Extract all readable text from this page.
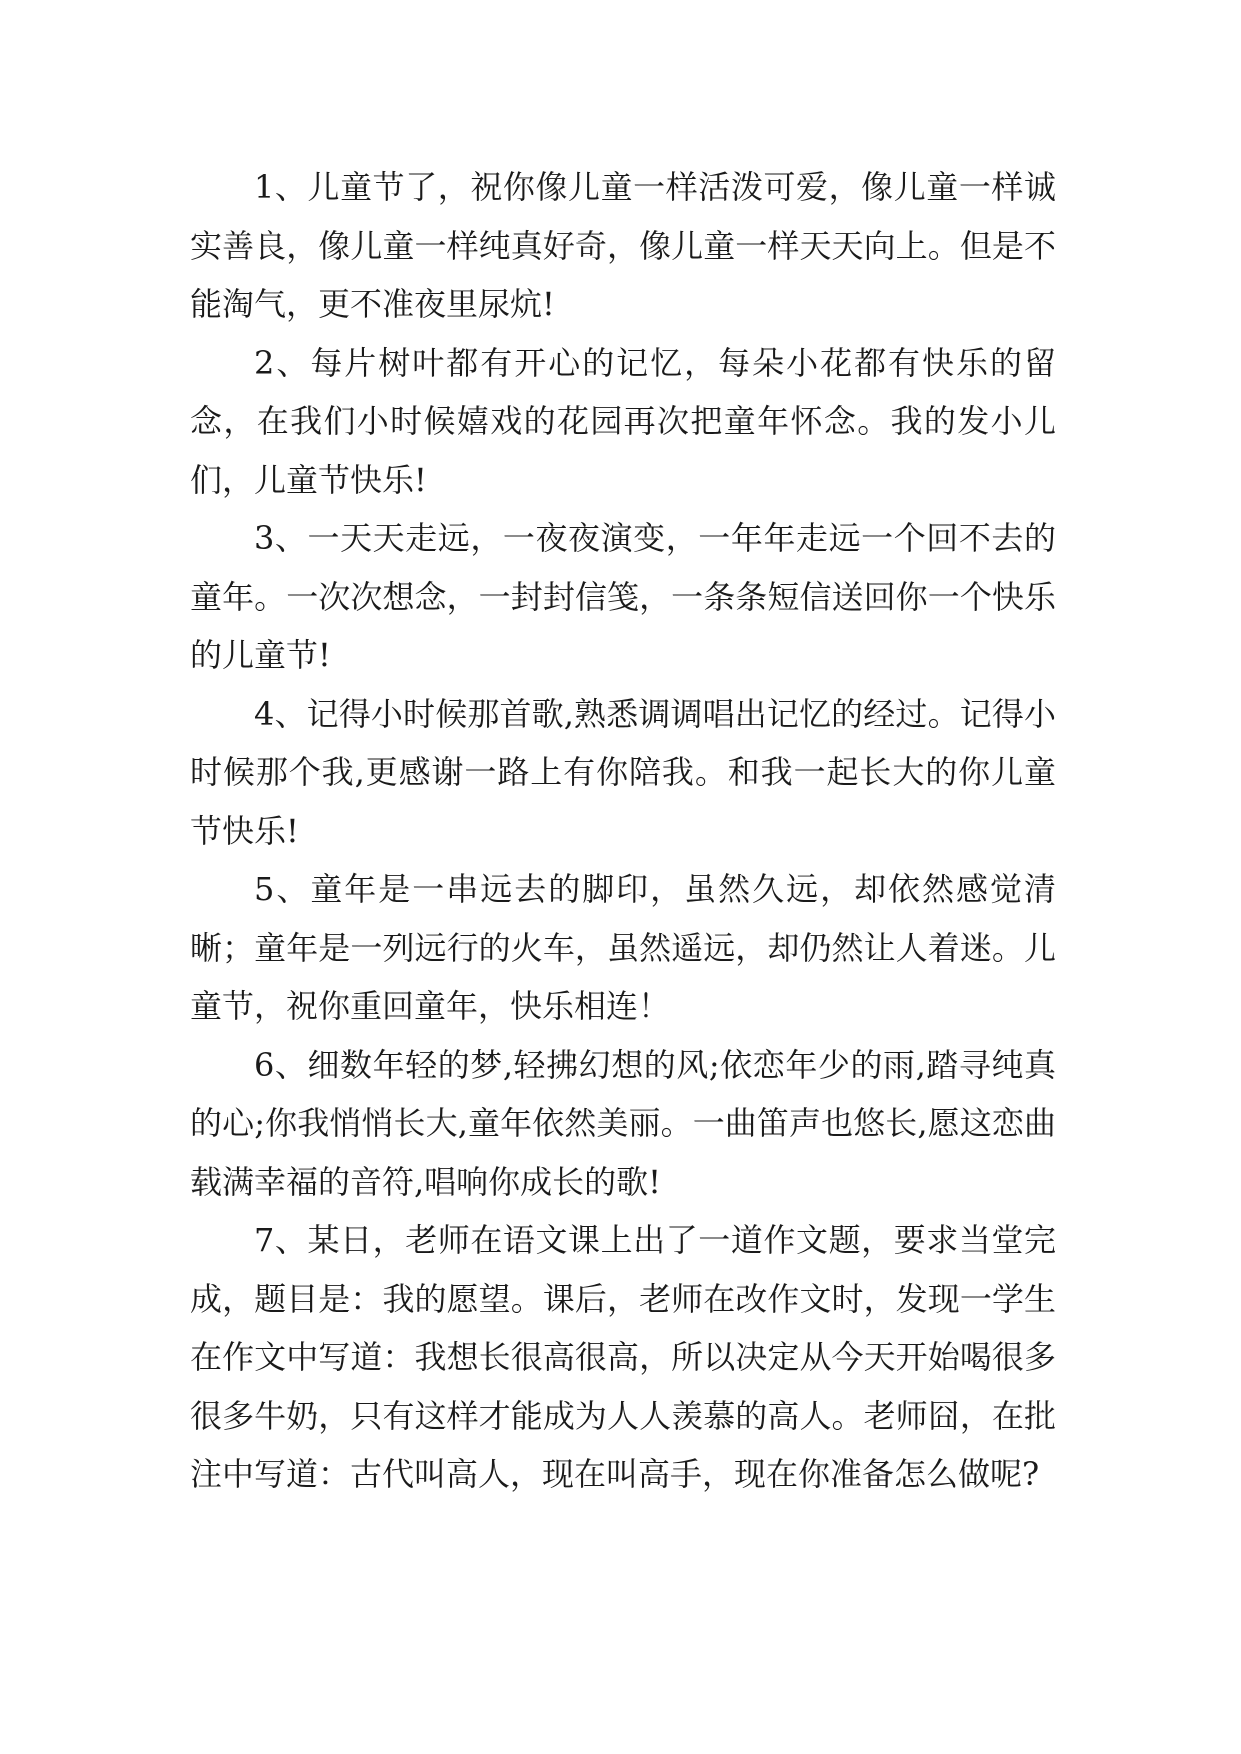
1、儿童节了，祝你像儿童一样活泼可爱，像儿童一样诚实善良，像儿童一样纯真好奇，像儿童一样天天向上。但是不能淘气，更不准夜里尿炕!

2、每片树叶都有开心的记忆，每朵小花都有快乐的留念，在我们小时候嬉戏的花园再次把童年怀念。我的发小儿们，儿童节快乐!

3、一天天走远，一夜夜演变，一年年走远一个回不去的童年。一次次想念，一封封信笺，一条条短信送回你一个快乐的儿童节!

4、记得小时候那首歌,熟悉调调唱出记忆的经过。记得小时候那个我,更感谢一路上有你陪我。和我一起长大的你儿童节快乐!

5、童年是一串远去的脚印，虽然久远，却依然感觉清晰；童年是一列远行的火车，虽然遥远，却仍然让人着迷。儿童节，祝你重回童年，快乐相连！

6、细数年轻的梦,轻拂幻想的风;依恋年少的雨,踏寻纯真的心;你我悄悄长大,童年依然美丽。一曲笛声也悠长,愿这恋曲载满幸福的音符,唱响你成长的歌!

7、某日，老师在语文课上出了一道作文题，要求当堂完成，题目是：我的愿望。课后，老师在改作文时，发现一学生在作文中写道：我想长很高很高，所以决定从今天开始喝很多很多牛奶，只有这样才能成为人人羡慕的高人。老师囧，在批注中写道：古代叫高人，现在叫高手，现在你准备怎么做呢?
